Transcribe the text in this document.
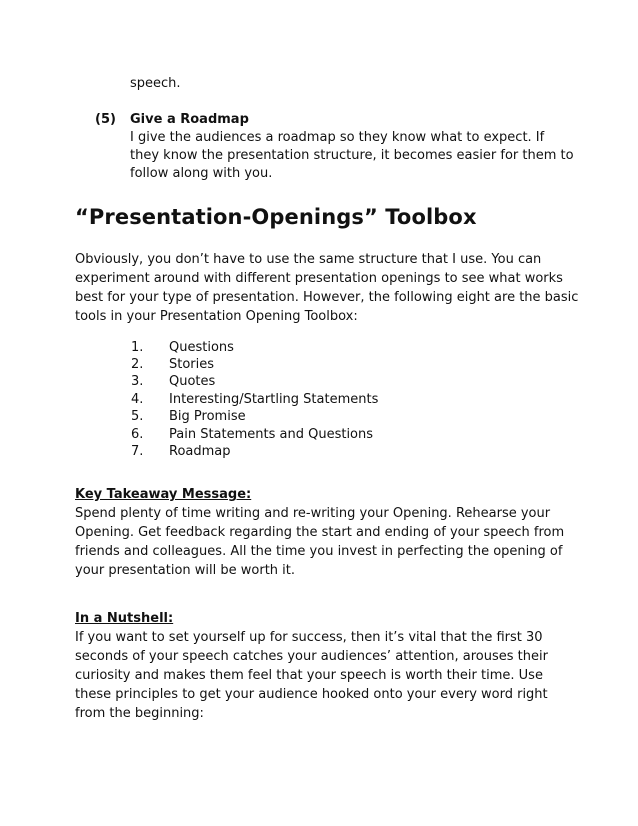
speech.
(5) Give a Roadmap
I give the audiences a roadmap so they know what to expect. If
they know the presentation structure, it becomes easier for them to
follow along with you.
“Presentation-Openings” Toolbox
Obviously, you don’t have to use the same structure that I use. You can
experiment around with different presentation openings to see what works
best for your type of presentation. However, the following eight are the basic
tools in your Presentation Opening Toolbox:
1. Questions
2. Stories
3. Quotes
4. Interesting/Startling Statements
5. Big Promise
6. Pain Statements and Questions
7. Roadmap
Key Takeaway Message:
Spend plenty of time writing and re-writing your Opening. Rehearse your
Opening. Get feedback regarding the start and ending of your speech from
friends and colleagues. All the time you invest in perfecting the opening of
your presentation will be worth it.
In a Nutshell:
If you want to set yourself up for success, then it’s vital that the first 30
seconds of your speech catches your audiences’ attention, arouses their
curiosity and makes them feel that your speech is worth their time. Use
these principles to get your audience hooked onto your every word right
from the beginning:
